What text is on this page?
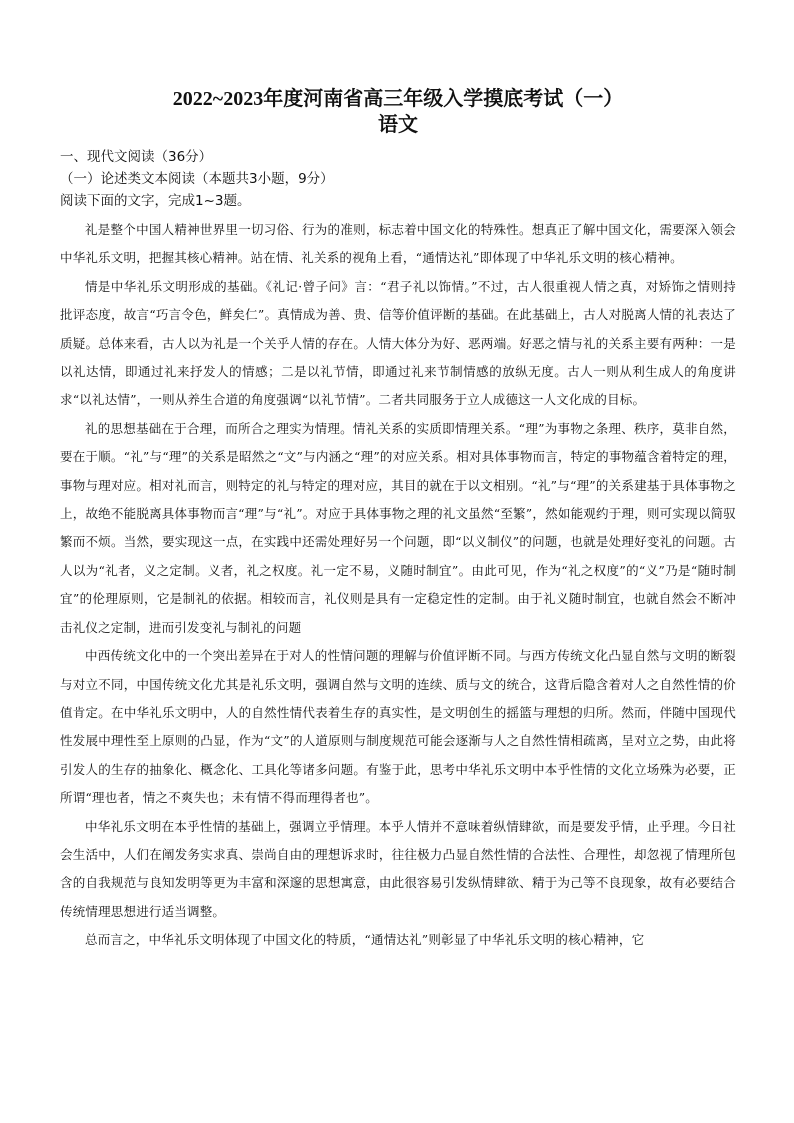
2022~2023年度河南省高三年级入学摸底考试（一）
语文

一、现代文阅读（36分）

（一）论述类文本阅读（本题共3小题，9分）

阅读下面的文字，完成1~3题。

礼是整个中国人精神世界里一切习俗、行为的准则，标志着中国文化的特殊性。想真正了解中国文化，需要深入领会中华礼乐文明，把握其核心精神。站在情、礼关系的视角上看，“通情达礼”即体现了中华礼乐文明的核心精神。

情是中华礼乐文明形成的基础。《礼记·曾子问》言：“君子礼以饰情。”不过，古人很重视人情之真，对矫饰之情则持批评态度，故言“巧言令色，鲜矣仁”。真情成为善、贵、信等价值评断的基础。在此基础上，古人对脱离人情的礼表达了质疑。总体来看，古人以为礼是一个关乎人情的存在。人情大体分为好、恶两端。好恶之情与礼的关系主要有两种：一是以礼达情，即通过礼来抒发人的情感；二是以礼节情，即通过礼来节制情感的放纵无度。古人一则从利生成人的角度讲求“以礼达情”，一则从养生合道的角度强调“以礼节情”。二者共同服务于立人成德这一人文化成的目标。

礼的思想基础在于合理，而所合之理实为情理。情礼关系的实质即情理关系。“理”为事物之条理、秩序，莫非自然，要在于顺。“礼”与“理”的关系是昭然之“文”与内涵之“理”的对应关系。相对具体事物而言，特定的事物蕴含着特定的理，事物与理对应。相对礼而言，则特定的礼与特定的理对应，其目的就在于以文相别。“礼”与“理”的关系建基于具体事物之上，故绝不能脱离具体事物而言“理”与“礼”。对应于具体事物之理的礼文虽然“至繁”，然如能观约于理，则可实现以简驭繁而不烦。当然，要实现这一点，在实践中还需处理好另一个问题，即“以义制仪”的问题，也就是处理好变礼的问题。古人以为“礼者，义之定制。义者，礼之权度。礼一定不易，义随时制宜”。由此可见，作为“礼之权度”的“义”乃是“随时制宜”的伦理原则，它是制礼的依据。相较而言，礼仪则是具有一定稳定性的定制。由于礼义随时制宜，也就自然会不断冲击礼仪之定制，进而引发变礼与制礼的问题

中西传统文化中的一个突出差异在于对人的性情问题的理解与价值评断不同。与西方传统文化凸显自然与文明的断裂与对立不同，中国传统文化尤其是礼乐文明，强调自然与文明的连续、质与文的统合，这背后隐含着对人之自然性情的价值肯定。在中华礼乐文明中，人的自然性情代表着生存的真实性，是文明创生的摇篮与理想的归所。然而，伴随中国现代性发展中理性至上原则的凸显，作为“文”的人道原则与制度规范可能会逐渐与人之自然性情相疏离，呈对立之势，由此将引发人的生存的抽象化、概念化、工具化等诸多问题。有鉴于此，思考中华礼乐文明中本乎性情的文化立场殊为必要，正所谓“理也者，情之不爽失也；未有情不得而理得者也”。

中华礼乐文明在本乎性情的基础上，强调立乎情理。本乎人情并不意味着纵情肆欲，而是要发乎情，止乎理。今日社会生活中，人们在阐发务实求真、崇尚自由的理想诉求时，往往极力凸显自然性情的合法性、合理性，却忽视了情理所包含的自我规范与良知发明等更为丰富和深邃的思想寓意，由此很容易引发纵情肆欲、精于为己等不良现象，故有必要结合传统情理思想进行适当调整。

总而言之，中华礼乐文明体现了中国文化的特质，“通情达礼”则彰显了中华礼乐文明的核心精神，它
